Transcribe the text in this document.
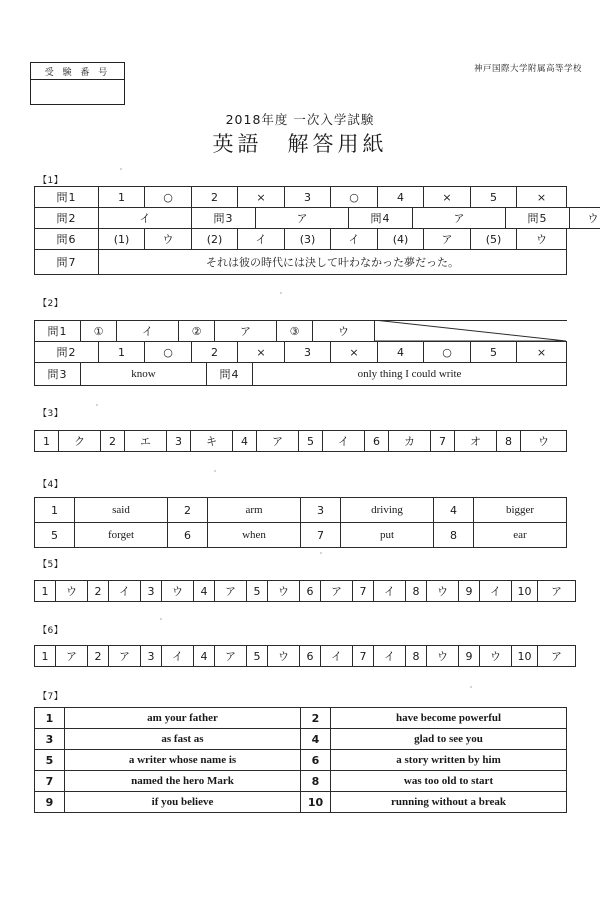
神戸国際大学附属高等学校
受 験 番 号
2018年度 一次入学試験
英語　解答用紙
【1】
問1	1	○	2	×	3	○	4	×	5	×
問2	イ	問3	ア	問4	ア	問5	ウ
問6	(1)	ウ	(2)	イ	(3)	イ	(4)	ア	(5)	ウ
問7	それは彼の時代には決して叶わなかった夢だった。
【2】
問1	①	イ	②	ア	③	ウ	
問2	1	○	2	×	3	×	4	○	5	×
問3	know	問4	only thing I could write
【3】
1	ク	2	エ	3	キ	4	ア	5	イ	6	カ	7	オ	8	ウ
【4】
1	said	2	arm	3	driving	4	bigger
5	forget	6	when	7	put	8	ear
【5】
1	ウ	2	イ	3	ウ	4	ア	5	ウ	6	ア	7	イ	8	ウ	9	イ	10	ア
【6】
1	ア	2	ア	3	イ	4	ア	5	ウ	6	イ	7	イ	8	ウ	9	ウ	10	ア
【7】
1	am your father	2	have become powerful
3	as fast as	4	glad to see you
5	a writer whose name is	6	a story written by him
7	named the hero Mark	8	was too old to start
9	if you believe	10	running without a break
